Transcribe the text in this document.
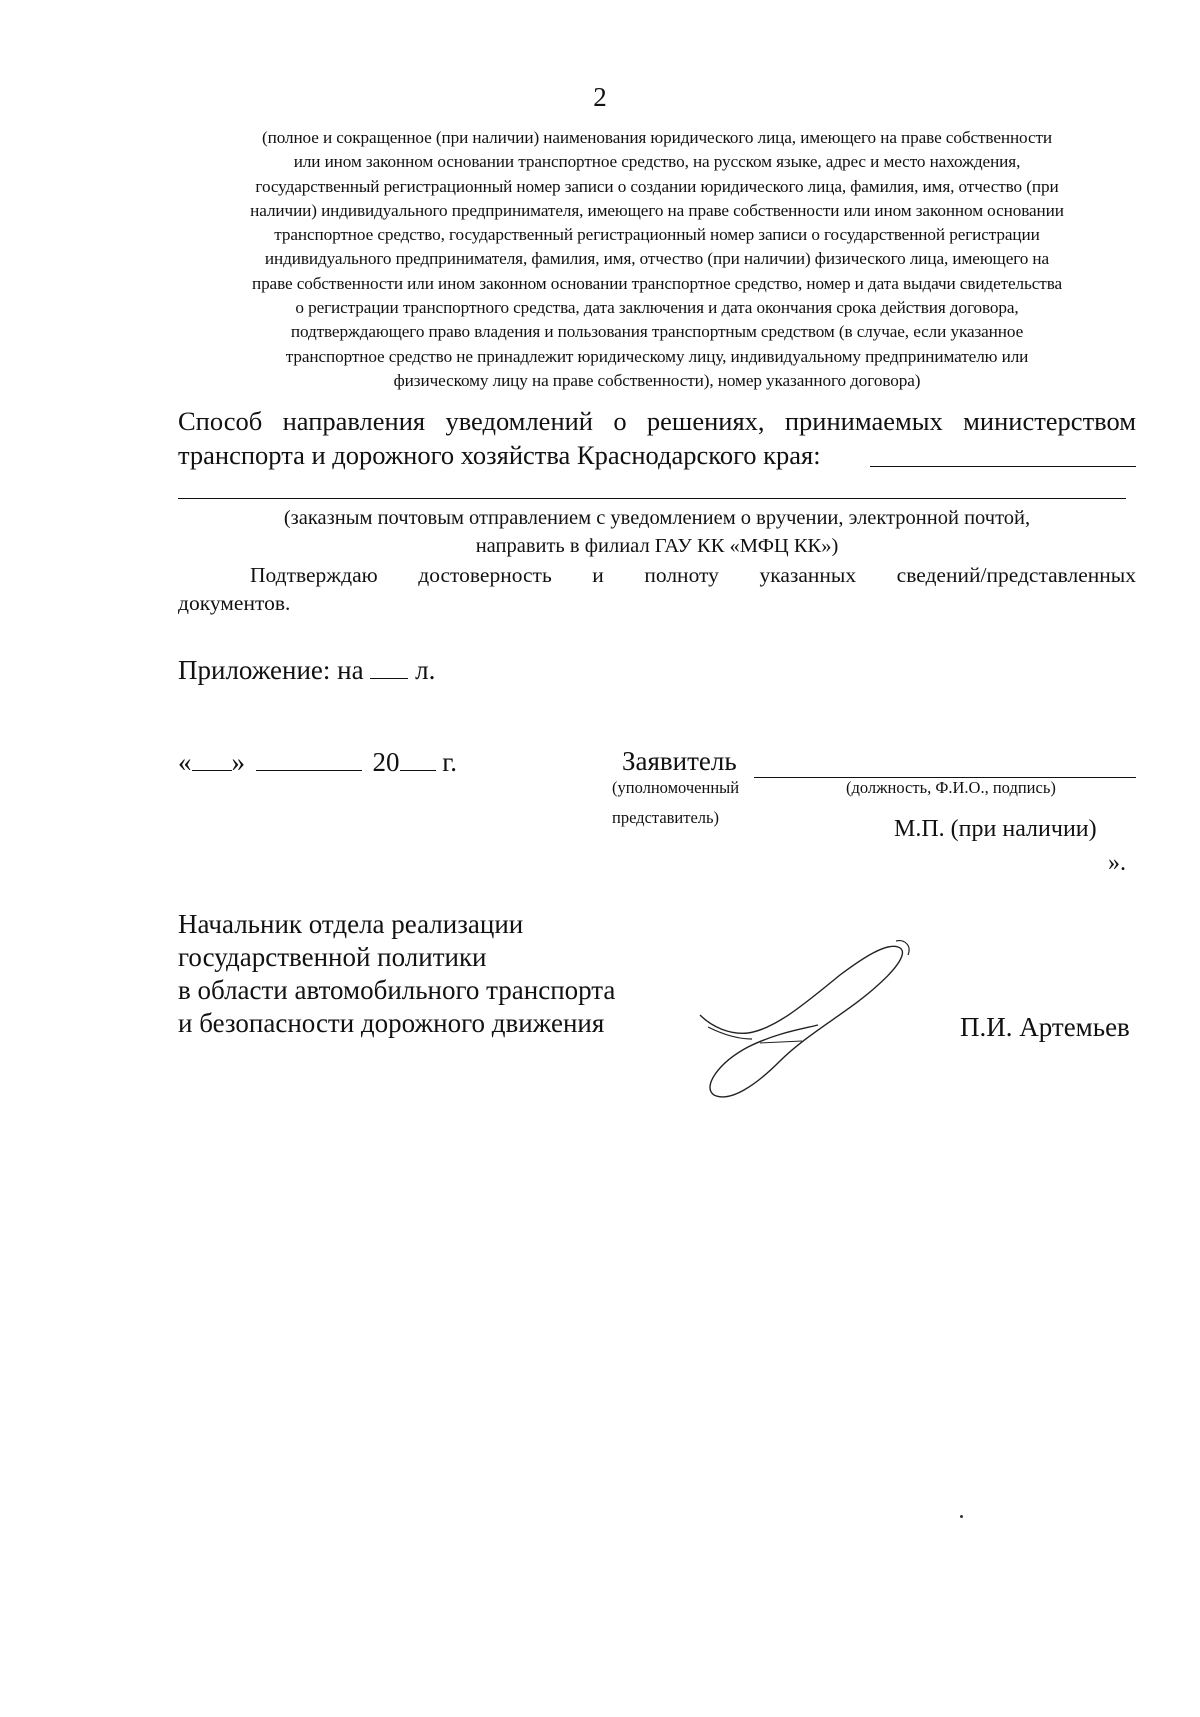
2
(полное и сокращенное (при наличии) наименования юридического лица, имеющего на праве собственности
или ином законном основании транспортное средство, на русском языке, адрес и место нахождения,
государственный регистрационный номер записи о создании юридического лица, фамилия, имя, отчество (при
наличии) индивидуального предпринимателя, имеющего на праве собственности или ином законном основании
транспортное средство, государственный регистрационный номер записи о государственной регистрации
индивидуального предпринимателя, фамилия, имя, отчество (при наличии) физического лица, имеющего на
праве собственности или ином законном основании транспортное средство, номер и дата выдачи свидетельства
о регистрации транспортного средства, дата заключения и дата окончания срока действия договора,
подтверждающего право владения и пользования транспортным средством (в случае, если указанное
транспортное средство не принадлежит юридическому лицу, индивидуальному предпринимателю или
физическому лицу на праве собственности), номер указанного договора)
Способ направления уведомлений о решениях, принимаемых министерством
транспорта и дорожного хозяйства Краснодарского края:
(заказным почтовым отправлением с уведомлением о вручении, электронной почтой,
направить в филиал ГАУ КК «МФЦ КК»)
Подтверждаю достоверность и полноту указанных сведений/представленных
документов.
Приложение: на л.
« »	20 г.	Заявитель
(уполномоченный
представитель)
(должность, Ф.И.О., подпись)
М.П. (при наличии)
».
Начальник отдела реализации
государственной политики
в области автомобильного транспорта
и безопасности дорожного движения	П.И. Артемьев
